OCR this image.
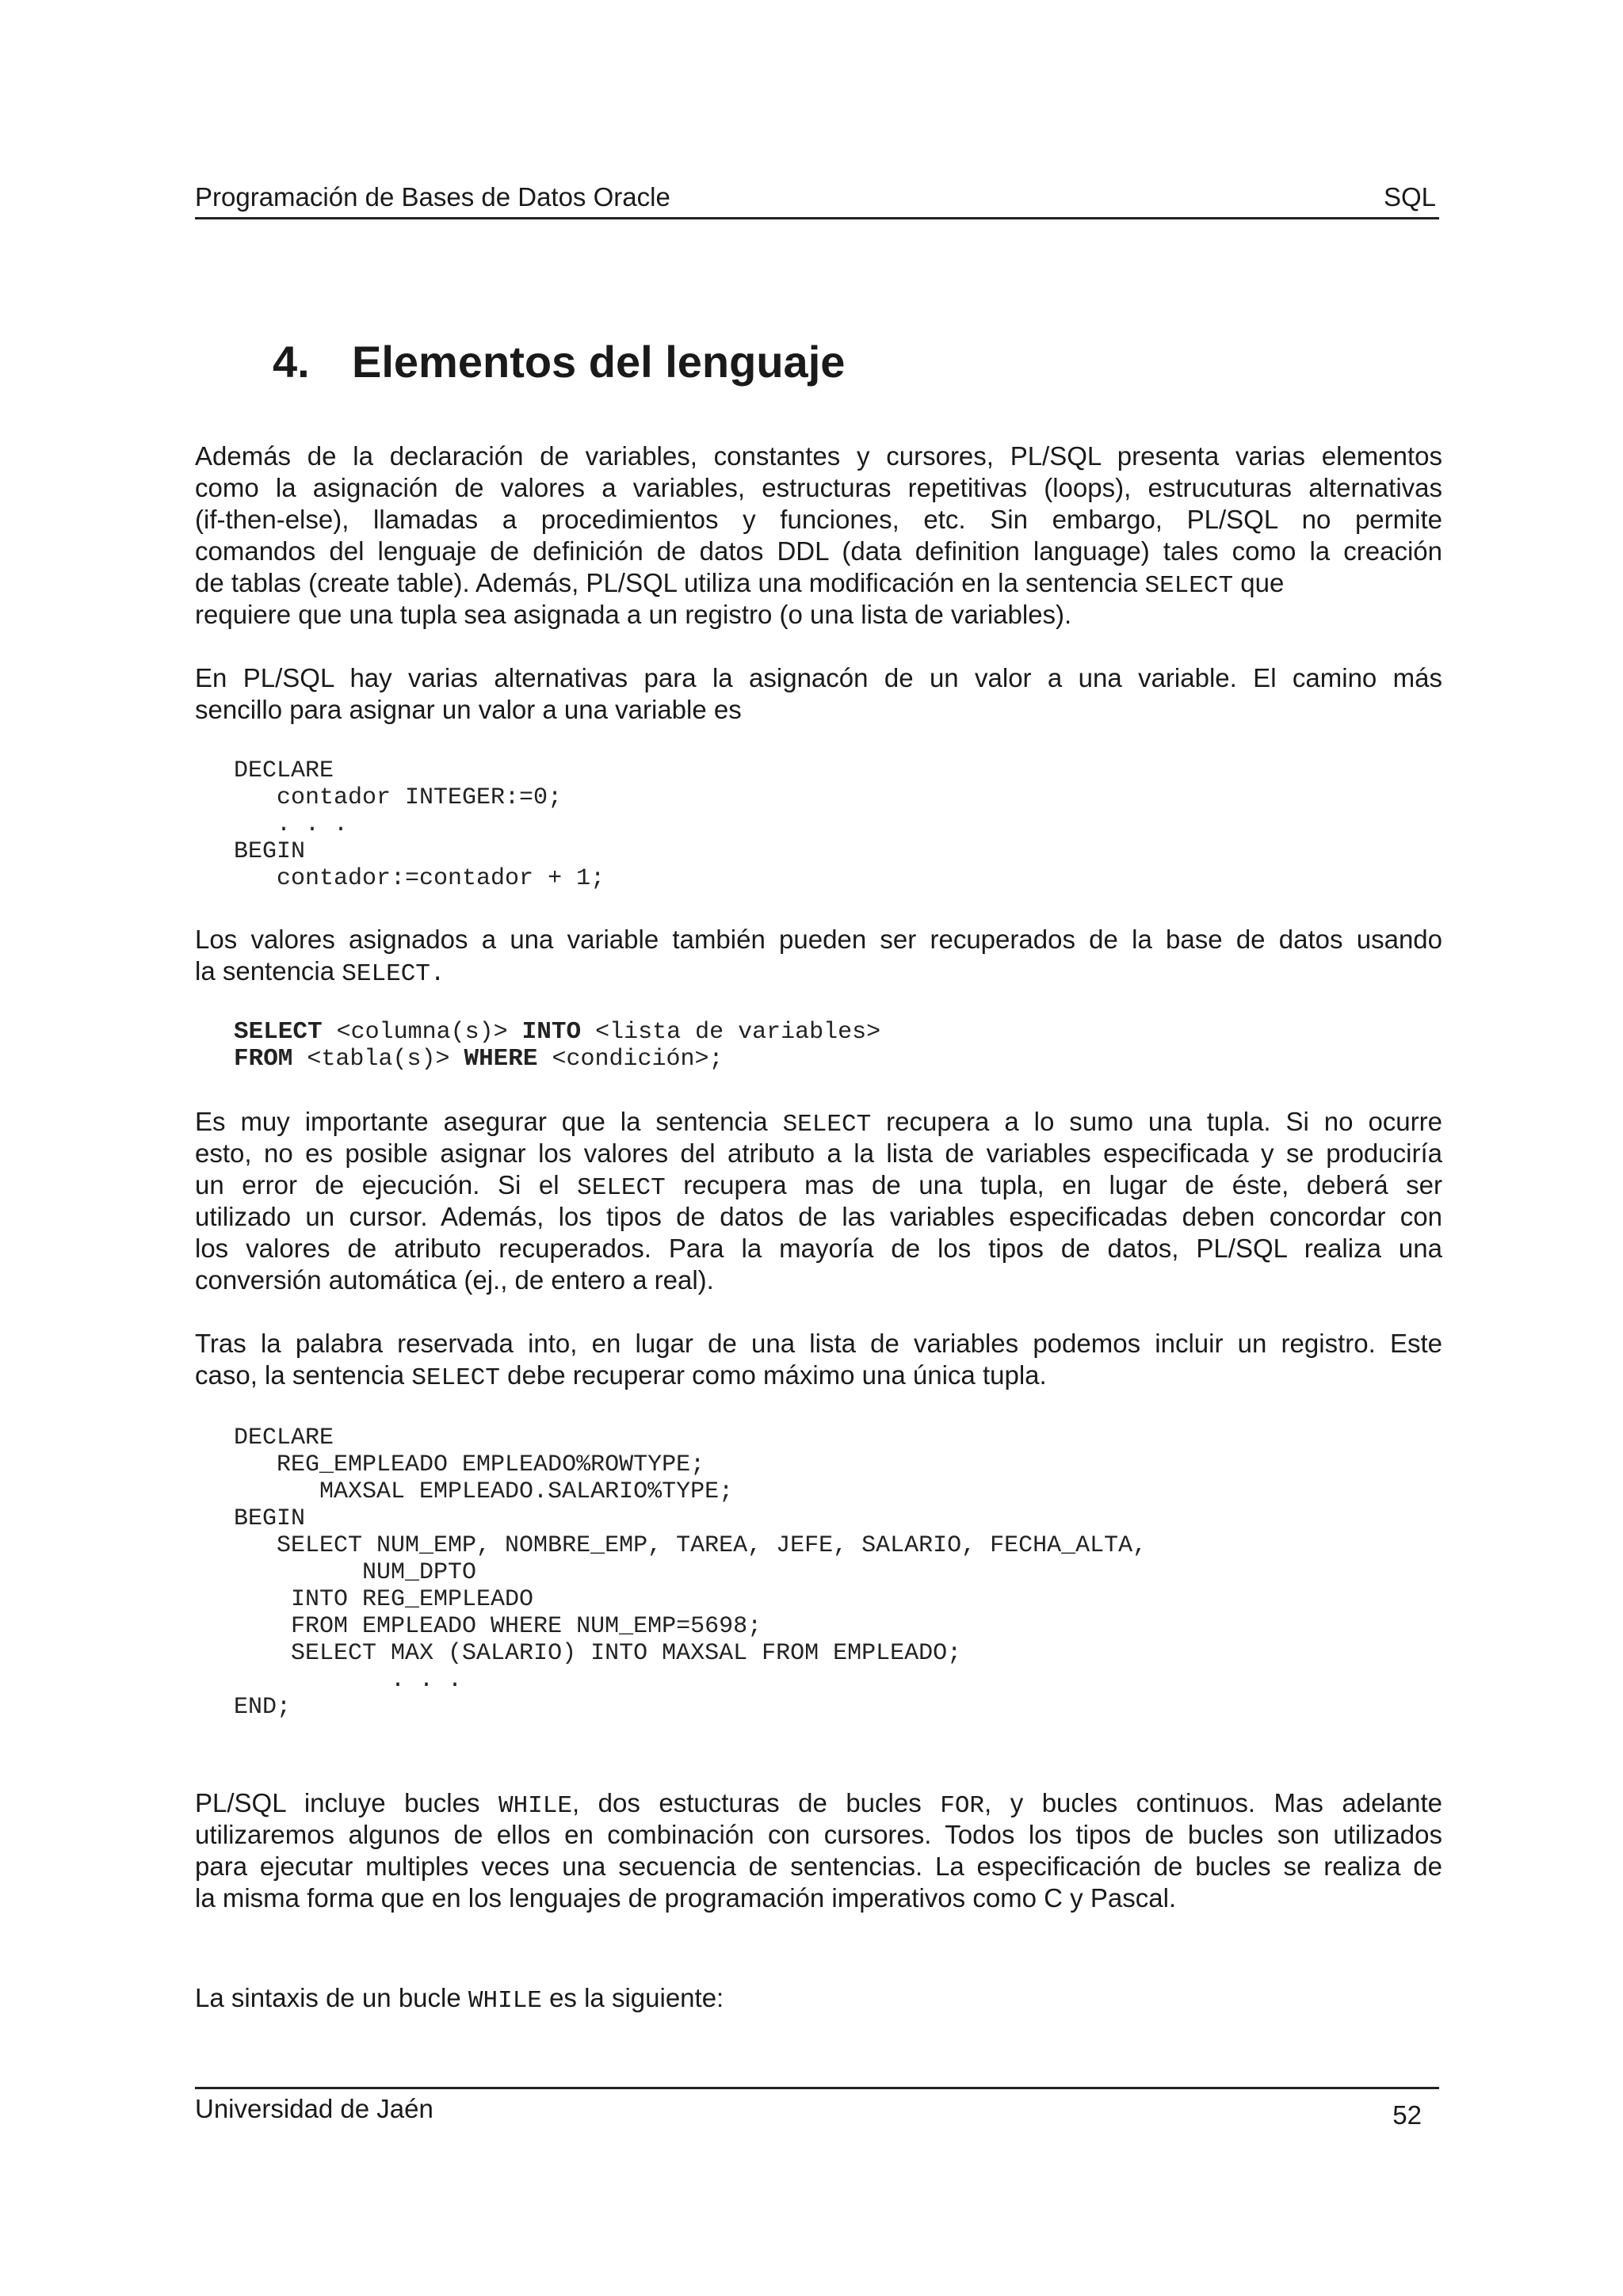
Programación de Bases de Datos Oracle	SQL
4. Elementos del lenguaje
Además de la declaración de variables, constantes y cursores, PL/SQL presenta varias elementos
como la asignación de valores a variables, estructuras repetitivas (loops), estrucuturas alternativas
(if-then-else), llamadas a procedimientos y funciones, etc. Sin embargo, PL/SQL no permite
comandos del lenguaje de definición de datos DDL (data definition language) tales como la creación
de tablas (create table). Además, PL/SQL utiliza una modificación en la sentencia SELECT que
requiere que una tupla sea asignada a un registro (o una lista de variables).
En PL/SQL hay varias alternativas para la asignacón de un valor a una variable. El camino más
sencillo para asignar un valor a una variable es
DECLARE
contador INTEGER:=0;
. . .
BEGIN
contador:=contador + 1;
Los valores asignados a una variable también pueden ser recuperados de la base de datos usando
la sentencia SELECT.
SELECT <columna(s)> INTO <lista de variables>
FROM <tabla(s)> WHERE <condición>;
Es muy importante asegurar que la sentencia SELECT recupera a lo sumo una tupla. Si no ocurre
esto, no es posible asignar los valores del atributo a la lista de variables especificada y se produciría
un error de ejecución. Si el SELECT recupera mas de una tupla, en lugar de éste, deberá ser
utilizado un cursor. Además, los tipos de datos de las variables especificadas deben concordar con
los valores de atributo recuperados. Para la mayoría de los tipos de datos, PL/SQL realiza una
conversión automática (ej., de entero a real).
Tras la palabra reservada into, en lugar de una lista de variables podemos incluir un registro. Este
caso, la sentencia SELECT debe recuperar como máximo una única tupla.
DECLARE
REG_EMPLEADO EMPLEADO%ROWTYPE;
MAXSAL EMPLEADO.SALARIO%TYPE;
BEGIN
SELECT NUM_EMP, NOMBRE_EMP, TAREA, JEFE, SALARIO, FECHA_ALTA,
NUM_DPTO
INTO REG_EMPLEADO
FROM EMPLEADO WHERE NUM_EMP=5698;
SELECT MAX (SALARIO) INTO MAXSAL FROM EMPLEADO;
. . .
END;
PL/SQL incluye bucles WHILE, dos estucturas de bucles FOR, y bucles continuos. Mas adelante
utilizaremos algunos de ellos en combinación con cursores. Todos los tipos de bucles son utilizados
para ejecutar multiples veces una secuencia de sentencias. La especificación de bucles se realiza de
la misma forma que en los lenguajes de programación imperativos como C y Pascal.
La sintaxis de un bucle WHILE es la siguiente:
Universidad de Jaén	52
